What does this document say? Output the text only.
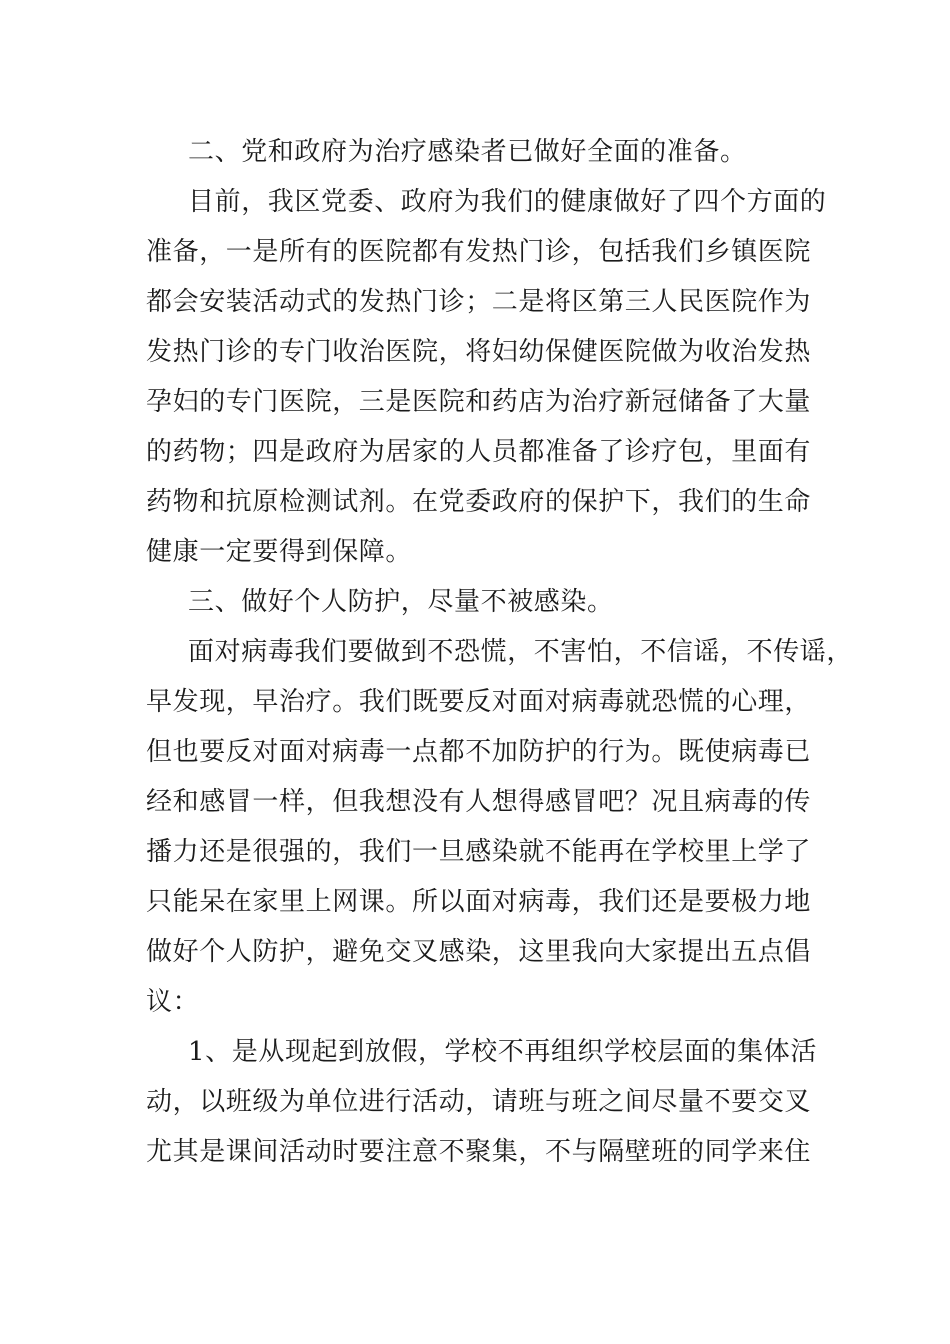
二、党和政府为治疗感染者已做好全面的准备。
目前，我区党委、政府为我们的健康做好了四个方面的
准备，一是所有的医院都有发热门诊，包括我们乡镇医院
都会安装活动式的发热门诊；二是将区第三人民医院作为
发热门诊的专门收治医院，将妇幼保健医院做为收治发热
孕妇的专门医院，三是医院和药店为治疗新冠储备了大量
的药物；四是政府为居家的人员都准备了诊疗包，里面有
药物和抗原检测试剂。在党委政府的保护下，我们的生命
健康一定要得到保障。
三、做好个人防护，尽量不被感染。
面对病毒我们要做到不恐慌，不害怕，不信谣，不传谣，
早发现，早治疗。我们既要反对面对病毒就恐慌的心理，
但也要反对面对病毒一点都不加防护的行为。既使病毒已
经和感冒一样，但我想没有人想得感冒吧？况且病毒的传
播力还是很强的，我们一旦感染就不能再在学校里上学了
只能呆在家里上网课。所以面对病毒，我们还是要极力地
做好个人防护，避免交叉感染，这里我向大家提出五点倡
议：
1、是从现起到放假，学校不再组织学校层面的集体活
动，以班级为单位进行活动，请班与班之间尽量不要交叉
尤其是课间活动时要注意不聚集，不与隔壁班的同学来住
